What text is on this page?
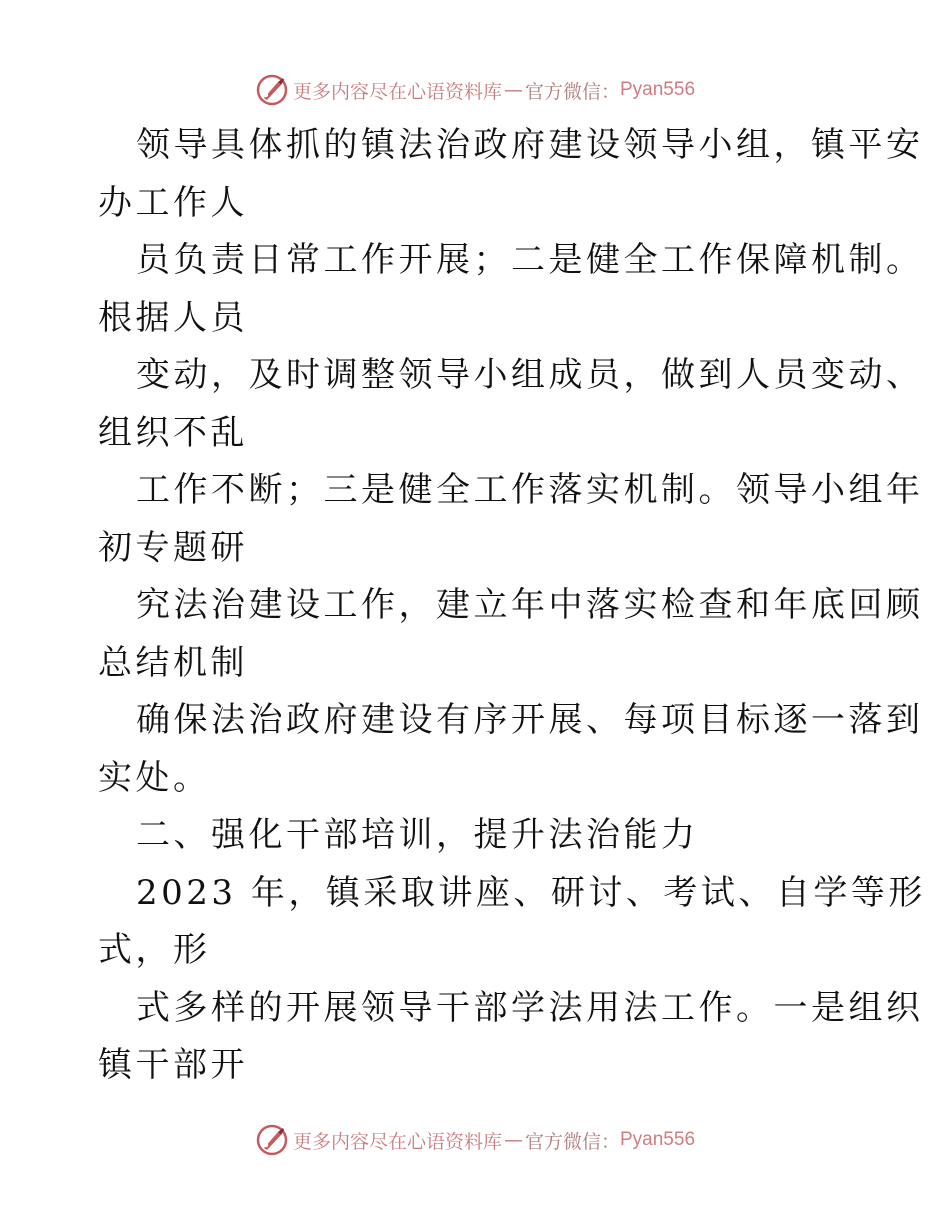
更多内容尽在心语资料库 — 官方微信： Pyan556
领导具体抓的镇法治政府建设领导小组，镇平安
办工作人
员负责日常工作开展；二是健全工作保障机制。
根据人员
变动，及时调整领导小组成员，做到人员变动、
组织不乱
工作不断；三是健全工作落实机制。领导小组年
初专题研
究法治建设工作，建立年中落实检查和年底回顾
总结机制
确保法治政府建设有序开展、每项目标逐一落到
实处。
二、强化干部培训，提升法治能力
2023 年，镇采取讲座、研讨、考试、自学等形
式，形
式多样的开展领导干部学法用法工作。一是组织
镇干部开
更多内容尽在心语资料库 — 官方微信： Pyan556
